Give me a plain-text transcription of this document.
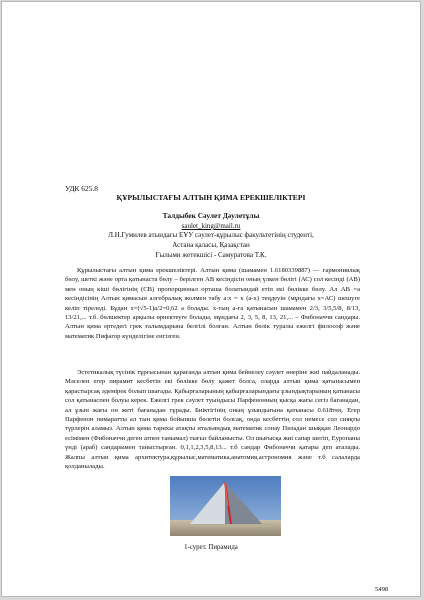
УДК 625.8

ҚҰРЫЛЫСТАҒЫ АЛТЫН ҚИМА ЕРЕКШЕЛІКТЕРІ

Талдыбек Сәулет Дәулетұлы

saulet_king@mail.ru

Л.Н.Гумилев атындағы ЕҰУ сәулет-құрылыс факультетінің студенті,

Астана қаласы, Қазақстан

Ғылыми жетекшісі - Самуратова Т.К.

Құрылыстағы алтын қима ерекшеліктері. Алтын қима (шамамен 1.6180339887) — гармониялық бөлу, шеткі және орта қатынаста бөлу – берілген АВ кесіндісін оның үлкен бөлігі (АС) сол кесінді (АВ) мен оның кіші бөлігінің (СВ) пропорционал орташа болатындай етіп екі бөлікке бөлу. Ал АВ =а кесіндісінің Алтын қимасын алгебралық жолмен табу а:х = х (а-х) теңдеуін (мұндағы х=АС) шешуге келіп тіреледі. Бұдан х=(√5-1)а/2=0,62 а болады. х-тың а-ға қатынасын шамамен 2/3, 3/5,5/8, 8/13, 13/21,... т.б. бөлшектер арқылы өрнектеуге болады, мұндағы 2, 3, 5, 8, 13, 21,... – Фибоначчи сандары. Алтын қима ертедегі грек ғалымдарына белгілі болған. Алтын бөлік туралы ежелгі философ және математик Пифагор күнделігіне енгізген.

Эстетикалық түсінік тұрғысынан қарағанда алтын қима бейнелеу сәулет өнеріне жиі пайдаланады. Мәселен егер пирамит кесбетін екі бөлікке бөлу қажет болса, оларда алтын қима қатынасымен қарастырсақ әдемірек болып шығады. Қабырғаларының қабырғаларындағы ұзындықтарының қатынасы сол қатынаспен болуы керек. Ежелгі грек сәулет туындысы Парфенонның қысқа жағы сегіз бағанадан, ал ұзын жағы он жеті бағанадан тұрады. Биіктігінің оның ұзындығына қатынасы 0.618тең. Егер Парфенон пимаратты ал тын қима бойынша бөлетін болсақ, онда кесбеттің сол немесе сол сияқты түрлерін аламыз. Алтын қима тарихы атақты итальяндық математик сонау Пизадан шыққан Леонардо есімімен (Фибоначчи деген атпен танымал) тығыз байланысты. Ол шығысқа жиі сапар шегіп, Еуропаны үнді (араб) сандарымен таныстырған. 0,1,1,2,3,5,8,13... т.б сандар Фибоначчи қатары деп аталады. Жалпы алтын қима архитектура,құрылыс,математика,анатомия,астрономия және т.б салаларда қолданылады.

1-сурет. Пирамида

5498
